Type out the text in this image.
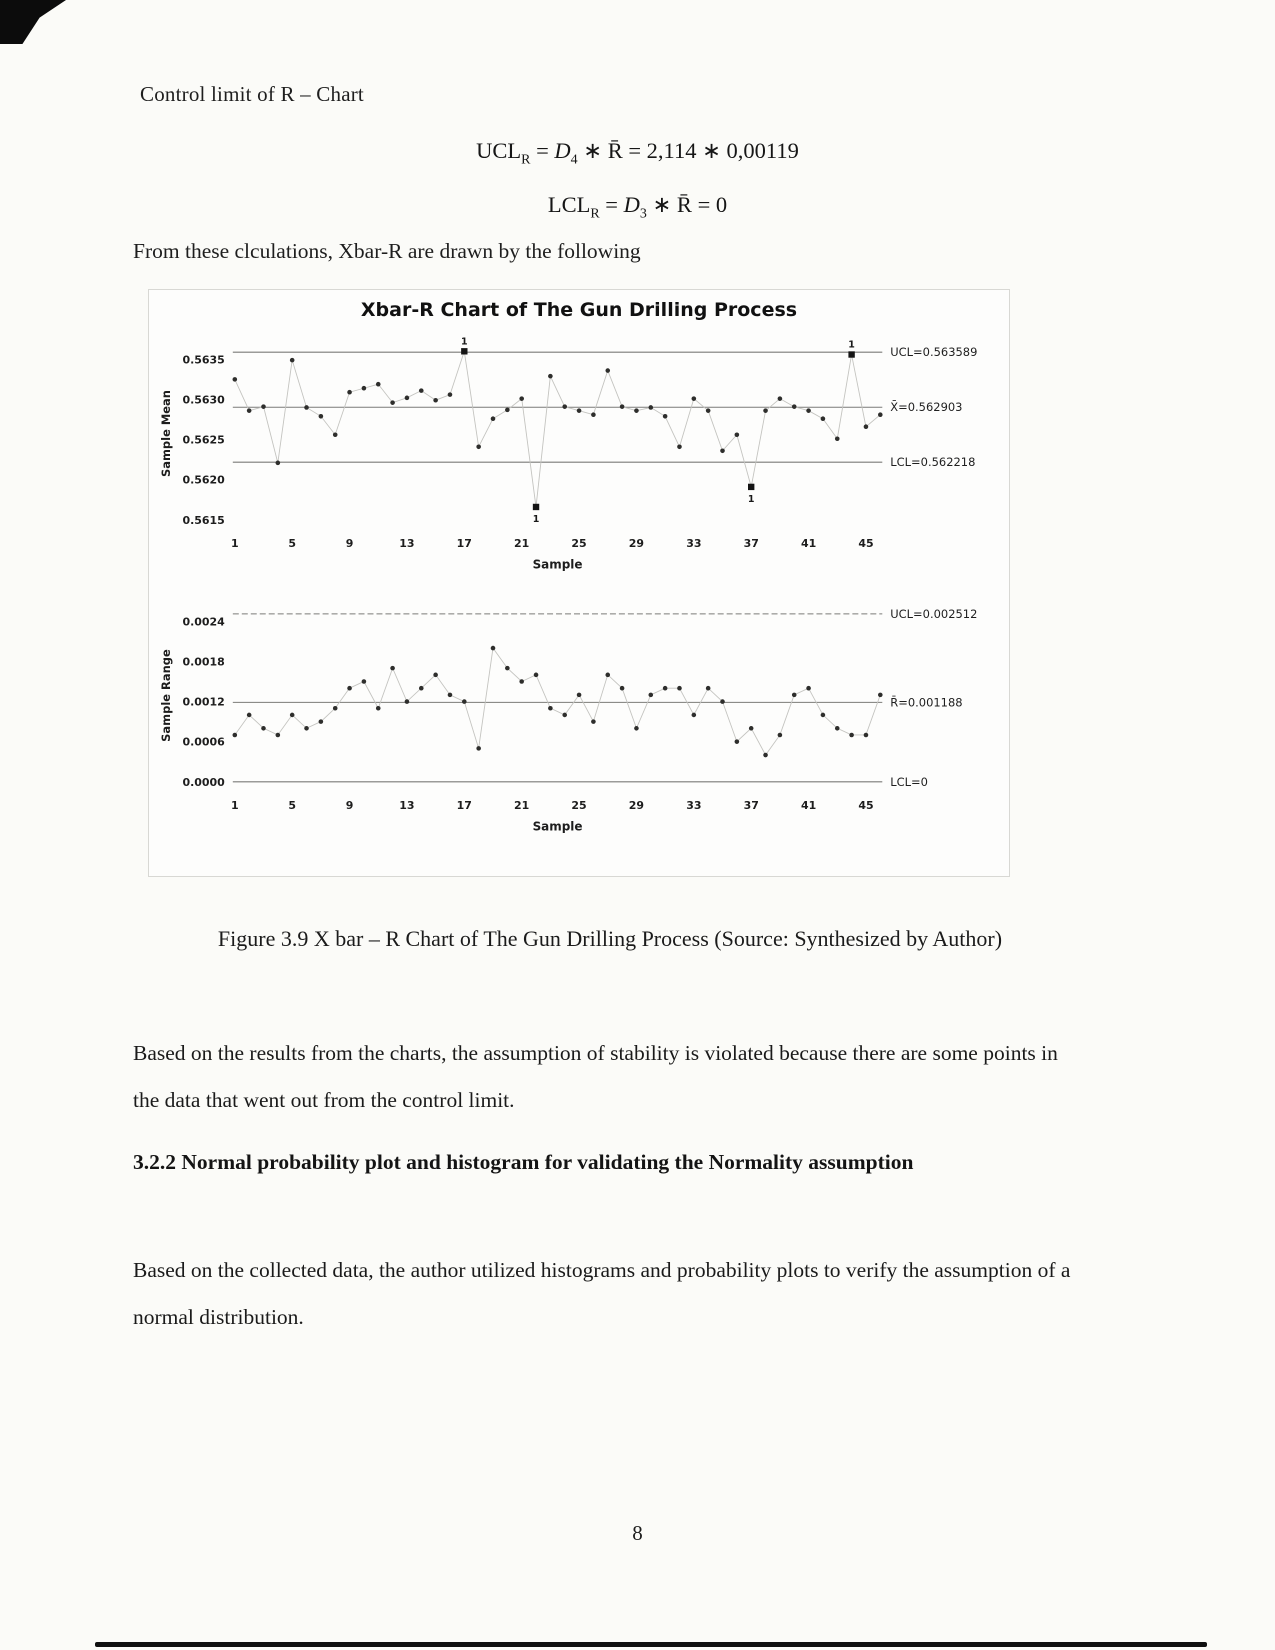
Control limit of R – Chart
$UCL_R = D_4$ ∗ R̄ = 2,114 ∗ 0,00119
$LCL_R = D_3$ ∗ R̄ = 0
From these clculations, Xbar-R are drawn by the following
Xbar-R Chart of The Gun Drilling Process
UCL=0.563589
X̄=0.562903
LCL=0.562218
1
1
1
1
0.5615
0.5620
0.5625
0.5630
0.5635
1	5	9	13	17	21	25	29	33	37	41	45
Sample
Sample Mean
UCL=0.002512
R̄=0.001188
LCL=0
0.0000
0.0006
0.0012
0.0018
0.0024
1	5	9	13	17	21	25	29	33	37	41	45
Sample
Sample Range
Figure 3.9 X bar – R Chart of The Gun Drilling Process (Source: Synthesized by Author)
Based on the results from the charts, the assumption of stability is violated because there are some points in the data that went out from the control limit.
3.2.2 Normal probability plot and histogram for validating the Normality assumption
Based on the collected data, the author utilized histograms and probability plots to verify the assumption of a normal distribution.
8
